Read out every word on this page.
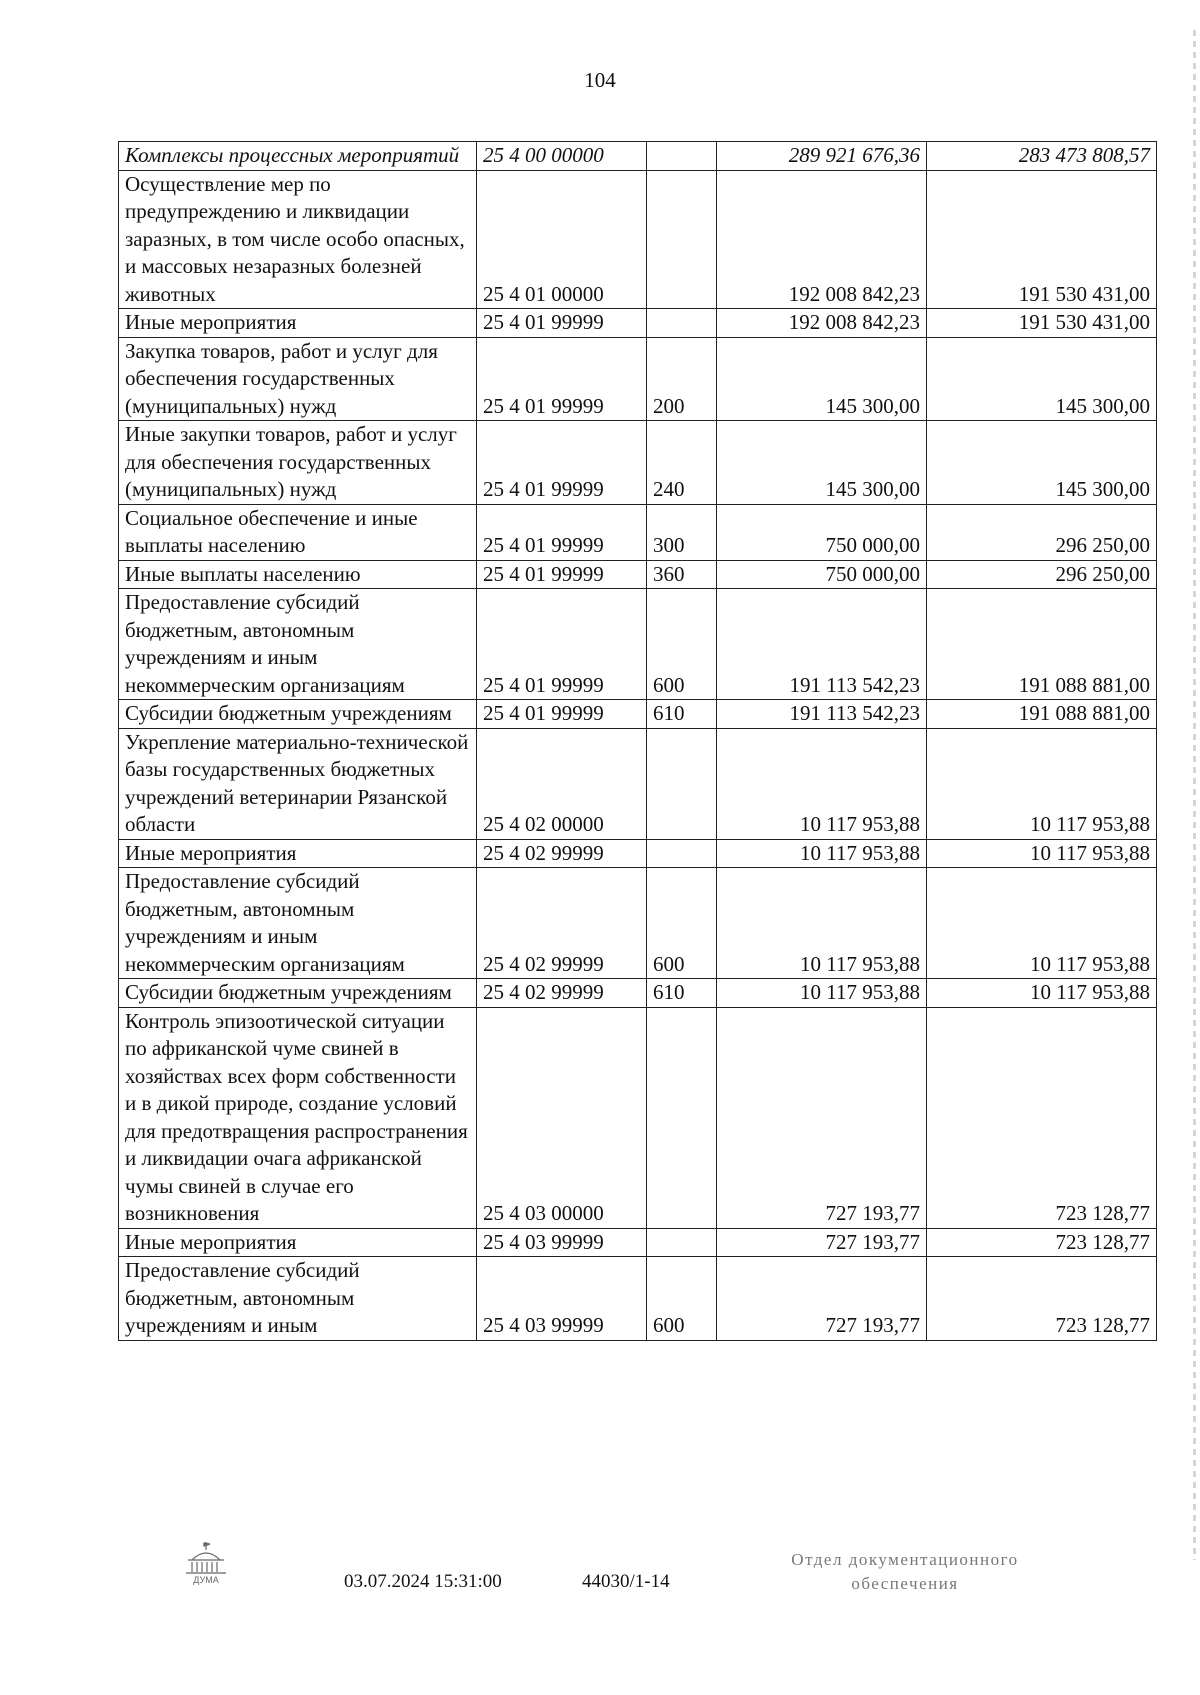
104
Комплексы процессных мероприятий	25 4 00 00000		289 921 676,36	283 473 808,57
Осуществление мер по предупреждению и ликвидации заразных, в том числе особо опасных, и массовых незаразных болезней животных	25 4 01 00000		192 008 842,23	191 530 431,00
Иные мероприятия	25 4 01 99999		192 008 842,23	191 530 431,00
Закупка товаров, работ и услуг для обеспечения государственных (муниципальных) нужд	25 4 01 99999	200	145 300,00	145 300,00
Иные закупки товаров, работ и услуг для обеспечения государственных (муниципальных) нужд	25 4 01 99999	240	145 300,00	145 300,00
Социальное обеспечение и иные выплаты населению	25 4 01 99999	300	750 000,00	296 250,00
Иные выплаты населению	25 4 01 99999	360	750 000,00	296 250,00
Предоставление субсидий бюджетным, автономным учреждениям и иным некоммерческим организациям	25 4 01 99999	600	191 113 542,23	191 088 881,00
Субсидии бюджетным учреждениям	25 4 01 99999	610	191 113 542,23	191 088 881,00
Укрепление материально-технической базы государственных бюджетных учреждений ветеринарии Рязанской области	25 4 02 00000		10 117 953,88	10 117 953,88
Иные мероприятия	25 4 02 99999		10 117 953,88	10 117 953,88
Предоставление субсидий бюджетным, автономным учреждениям и иным некоммерческим организациям	25 4 02 99999	600	10 117 953,88	10 117 953,88
Субсидии бюджетным учреждениям	25 4 02 99999	610	10 117 953,88	10 117 953,88
Контроль эпизоотической ситуации по африканской чуме свиней в хозяйствах всех форм собственности и в дикой природе, создание условий для предотвращения распространения и ликвидации очага африканской чумы свиней в случае его возникновения	25 4 03 00000		727 193,77	723 128,77
Иные мероприятия	25 4 03 99999		727 193,77	723 128,77
Предоставление субсидий бюджетным, автономным учреждениям и иным	25 4 03 99999	600	727 193,77	723 128,77
ДУМА	03.07.2024 15:31:00	44030/1-14
Отдел документационного обеспечения
